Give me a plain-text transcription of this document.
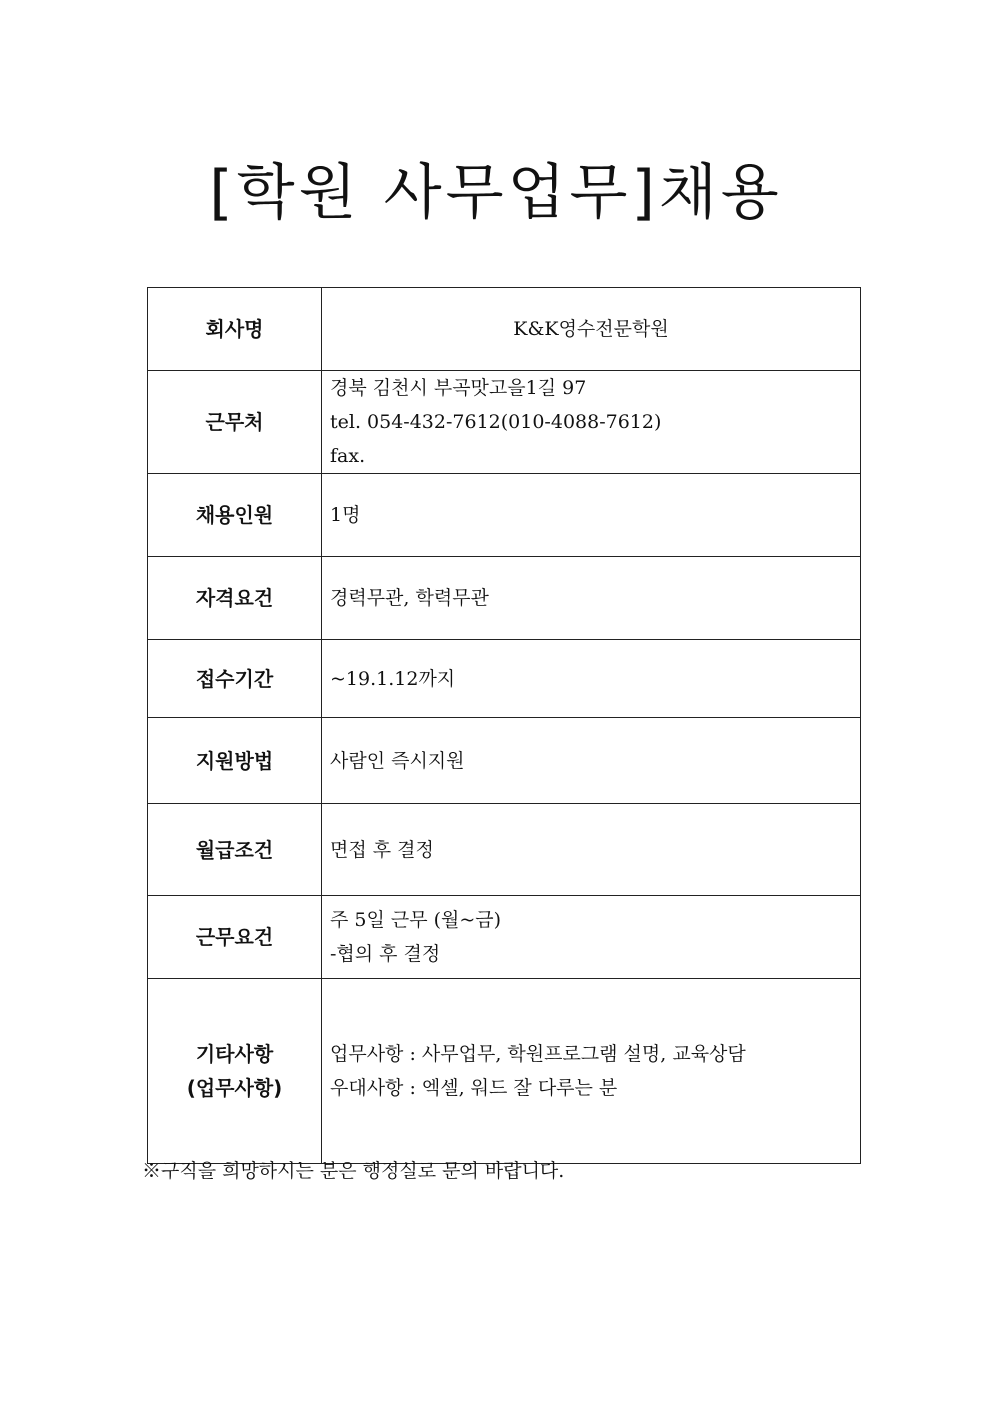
[학원 사무업무]채용
회사명	K&K영수전문학원
근무처	경북 김천시 부곡맛고을1길 97
tel. 054-432-7612(010-4088-7612)
fax.

채용인원	1명
자격요건	경력무관, 학력무관
접수기간	~19.1.12까지
지원방법	사람인 즉시지원
월급조건	면접 후 결정
근무요건	주 5일 근무 (월~금)
-협의 후 결정

기타사항
(업무사항)	업무사항 : 사무업무, 학원프로그램 설명, 교육상담
우대사항 : 엑셀, 워드 잘 다루는 분

※구직을 희망하시는 분은 행정실로 문의 바랍니다.
